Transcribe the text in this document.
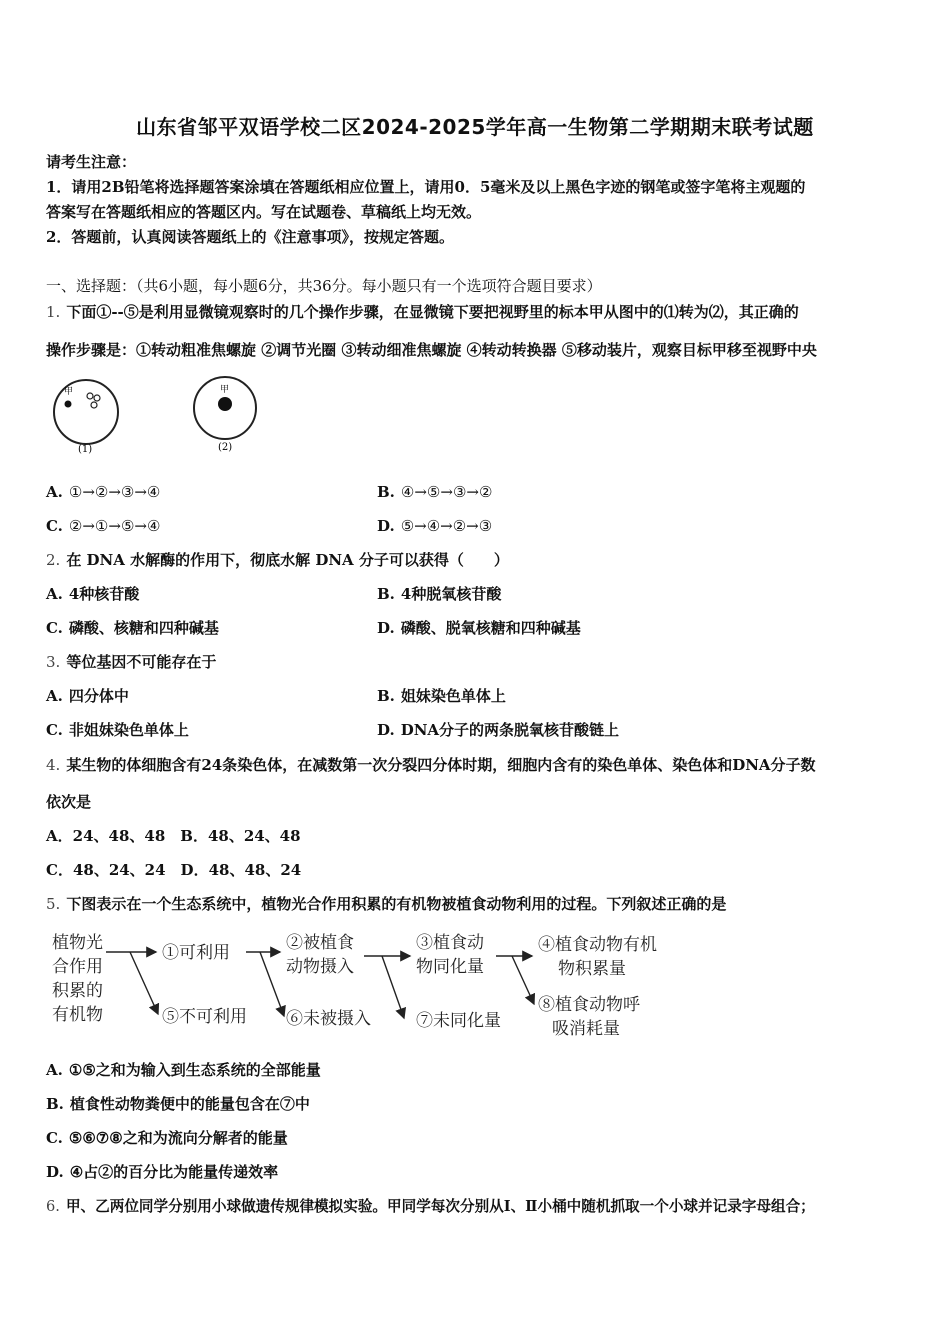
山东省邹平双语学校二区2024-2025学年高一生物第二学期期末联考试题
请考生注意：
1．请用2B铅笔将选择题答案涂填在答题纸相应位置上，请用0．5毫米及以上黑色字迹的钢笔或签字笔将主观题的
答案写在答题纸相应的答题区内。写在试题卷、草稿纸上均无效。
2．答题前，认真阅读答题纸上的《注意事项》，按规定答题。
一、选择题：（共6小题，每小题6分，共36分。每小题只有一个选项符合题目要求）
1. 下面①--⑤是利用显微镜观察时的几个操作步骤，在显微镜下要把视野里的标本甲从图中的⑴转为⑵，其正确的
操作步骤是：①转动粗准焦螺旋 ②调节光圈 ③转动细准焦螺旋 ④转动转换器 ⑤移动装片，观察目标甲移至视野中央
甲
(1)
甲
(2)
A. ①→②→③→④	B. ④→⑤→③→②
C. ②→①→⑤→④	D. ⑤→④→②→③
2. 在 DNA 水解酶的作用下，彻底水解 DNA 分子可以获得（　　）
A. 4种核苷酸	B. 4种脱氧核苷酸
C. 磷酸、核糖和四种碱基	D. 磷酸、脱氧核糖和四种碱基
3. 等位基因不可能存在于
A. 四分体中	B. 姐妹染色单体上
C. 非姐妹染色单体上	D. DNA分子的两条脱氧核苷酸链上
4. 某生物的体细胞含有24条染色体，在减数第一次分裂四分体时期，细胞内含有的染色单体、染色体和DNA分子数
依次是
A．24、48、48　B．48、24、48
C．48、24、24　D．48、48、24
5. 下图表示在一个生态系统中，植物光合作用积累的有机物被植食动物利用的过程。下列叙述正确的是
植物光
合作用
积累的
有机物
①可利用
⑤不可利用
②被植食
动物摄入
⑥未被摄入
③植食动
物同化量
⑦未同化量
④植食动物有机
物积累量
⑧植食动物呼
吸消耗量
A. ①⑤之和为输入到生态系统的全部能量
B. 植食性动物粪便中的能量包含在⑦中
C. ⑤⑥⑦⑧之和为流向分解者的能量
D. ④占②的百分比为能量传递效率
6. 甲、乙两位同学分别用小球做遗传规律模拟实验。甲同学每次分别从Ⅰ、Ⅱ小桶中随机抓取一个小球并记录字母组合；
